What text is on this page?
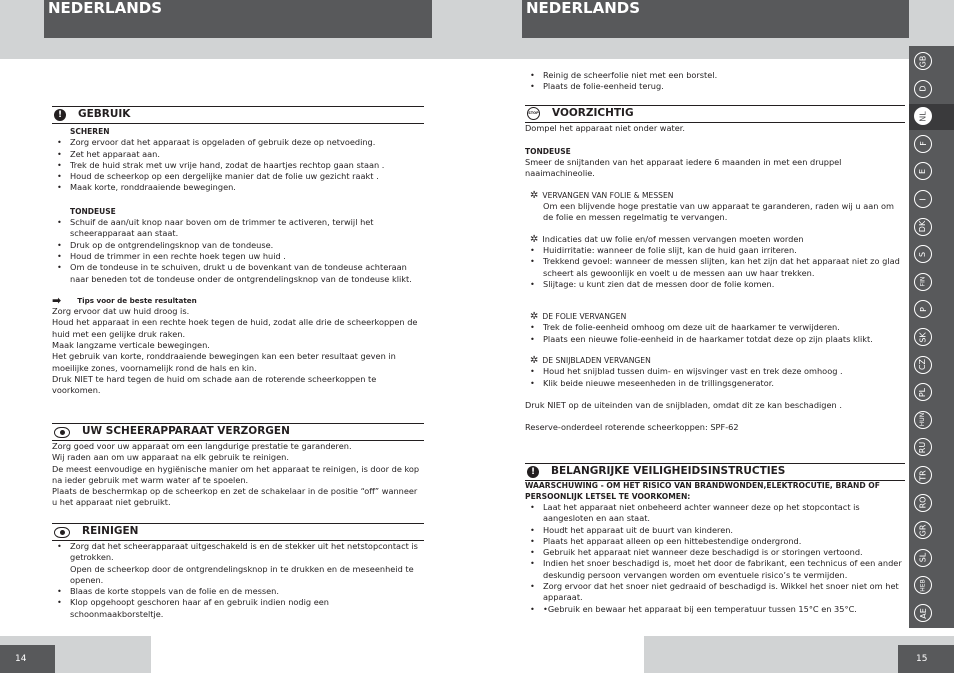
NEDERLANDS
!	GEBRUIK

SCHEREN

• Zorg ervoor dat het apparaat is opgeladen of gebruik deze op netvoeding.
• Zet het apparaat aan.
• Trek de huid strak met uw vrije hand, zodat de haartjes rechtop gaan staan .
• Houd de scheerkop op een dergelijke manier dat de folie uw gezicht raakt .
• Maak korte, ronddraaiende bewegingen.

TONDEUSE

• Schuif de aan/uit knop naar boven om de trimmer te activeren, terwijl het scheerapparaat aan staat.
• Druk op de ontgrendelingsknop van de tondeuse.
• Houd de trimmer in een rechte hoek tegen uw huid .
• Om de tondeuse in te schuiven, drukt u de bovenkant van de tondeuse achteraan naar beneden tot de tondeuse onder de ontgrendelingsknop van de tondeuse klikt.
➡ Tips voor de beste resultaten

Zorg ervoor dat uw huid droog is.

Houd het apparaat in een rechte hoek tegen de huid, zodat alle drie de scheerkoppen de huid met een gelijke druk raken.

Maak langzame verticale bewegingen.

Het gebruik van korte, ronddraaiende bewegingen kan een beter resultaat geven in moeilijke zones, voornamelijk rond de hals en kin.

Druk NIET te hard tegen de huid om schade aan de roterende scheerkoppen te voorkomen.

UW SCHEERAPPARAAT VERZORGEN

Zorg goed voor uw apparaat om een langdurige prestatie te garanderen.

Wij raden aan om uw apparaat na elk gebruik te reinigen.

De meest eenvoudige en hygiënische manier om het apparaat te reinigen, is door de kop na ieder gebruik met warm water af te spoelen.

Plaats de beschermkap op de scheerkop en zet de schakelaar in de positie “off” wanneer u het apparaat niet gebruikt.

REINIGEN
• Zorg dat het scheerapparaat uitgeschakeld is en de stekker uit het netstopcontact is getrokken.
Open de scheerkop door de ontgrendelingsknop in te drukken en de meseenheid te openen.
• Blaas de korte stoppels van de folie en de messen.
• Klop opgehoopt geschoren haar af en gebruik indien nodig een schoonmaakborsteltje.
14
NEDERLANDS
• Reinig de scheerfolie niet met een borstel.
• Plaats de folie-eenheid terug.
STOP VOORZICHTIG

Dompel het apparaat niet onder water.

TONDEUSE

Smeer de snijtanden van het apparaat iedere 6 maanden in met een druppel naaimachineolie.

✲ VERVANGEN VAN FOLIE & MESSEN

Om een blijvende hoge prestatie van uw apparaat te garanderen, raden wij u aan om de folie en messen regelmatig te vervangen.

✲ Indicaties dat uw folie en/of messen vervangen moeten worden
• Huidirritatie: wanneer de folie slijt, kan de huid gaan irriteren.
• Trekkend gevoel: wanneer de messen slijten, kan het zijn dat het apparaat niet zo glad scheert als gewoonlijk en voelt u de messen aan uw haar trekken.
• Slijtage: u kunt zien dat de messen door de folie komen.
✲ DE FOLIE VERVANGEN
• Trek de folie-eenheid omhoog om deze uit de haarkamer te verwijderen.
• Plaats een nieuwe folie-eenheid in de haarkamer totdat deze op zijn plaats klikt.
✲ DE SNIJBLADEN VERVANGEN
• Houd het snijblad tussen duim- en wijsvinger vast en trek deze omhoog .
• Klik beide nieuwe meseenheden in de trillingsgenerator.

Druk NIET op de uiteinden van de snijbladen, omdat dit ze kan beschadigen .

Reserve-onderdeel roterende scheerkoppen: SPF-62

!	BELANGRIJKE VEILIGHEIDSINSTRUCTIES

WAARSCHUWING - OM HET RISICO VAN BRANDWONDEN,ELEKTROCUTIE, BRAND OF PERSOONLIJK LETSEL TE VOORKOMEN:

• Laat het apparaat niet onbeheerd achter wanneer deze op het stopcontact is aangesloten en aan staat.
• Houdt het apparaat uit de buurt van kinderen.
• Plaats het apparaat alleen op een hittebestendige ondergrond.
• Gebruik het apparaat niet wanneer deze beschadigd is or storingen vertoond.
• Indien het snoer beschadigd is, moet het door de fabrikant, een technicus of een ander deskundig persoon vervangen worden om eventuele risico’s te vermijden.
• Zorg ervoor dat het snoer niet gedraaid of beschadigd is. Wikkel het snoer niet om het apparaat.
• •Gebruik en bewaar het apparaat bij een temperatuur tussen 15°C en 35°C.
15
GB
D
NL
F
E
I
DK
S
FIN
P
SK
CZ
PL
HUN
RU
TR
RO
GR
SL
HEB
AE
